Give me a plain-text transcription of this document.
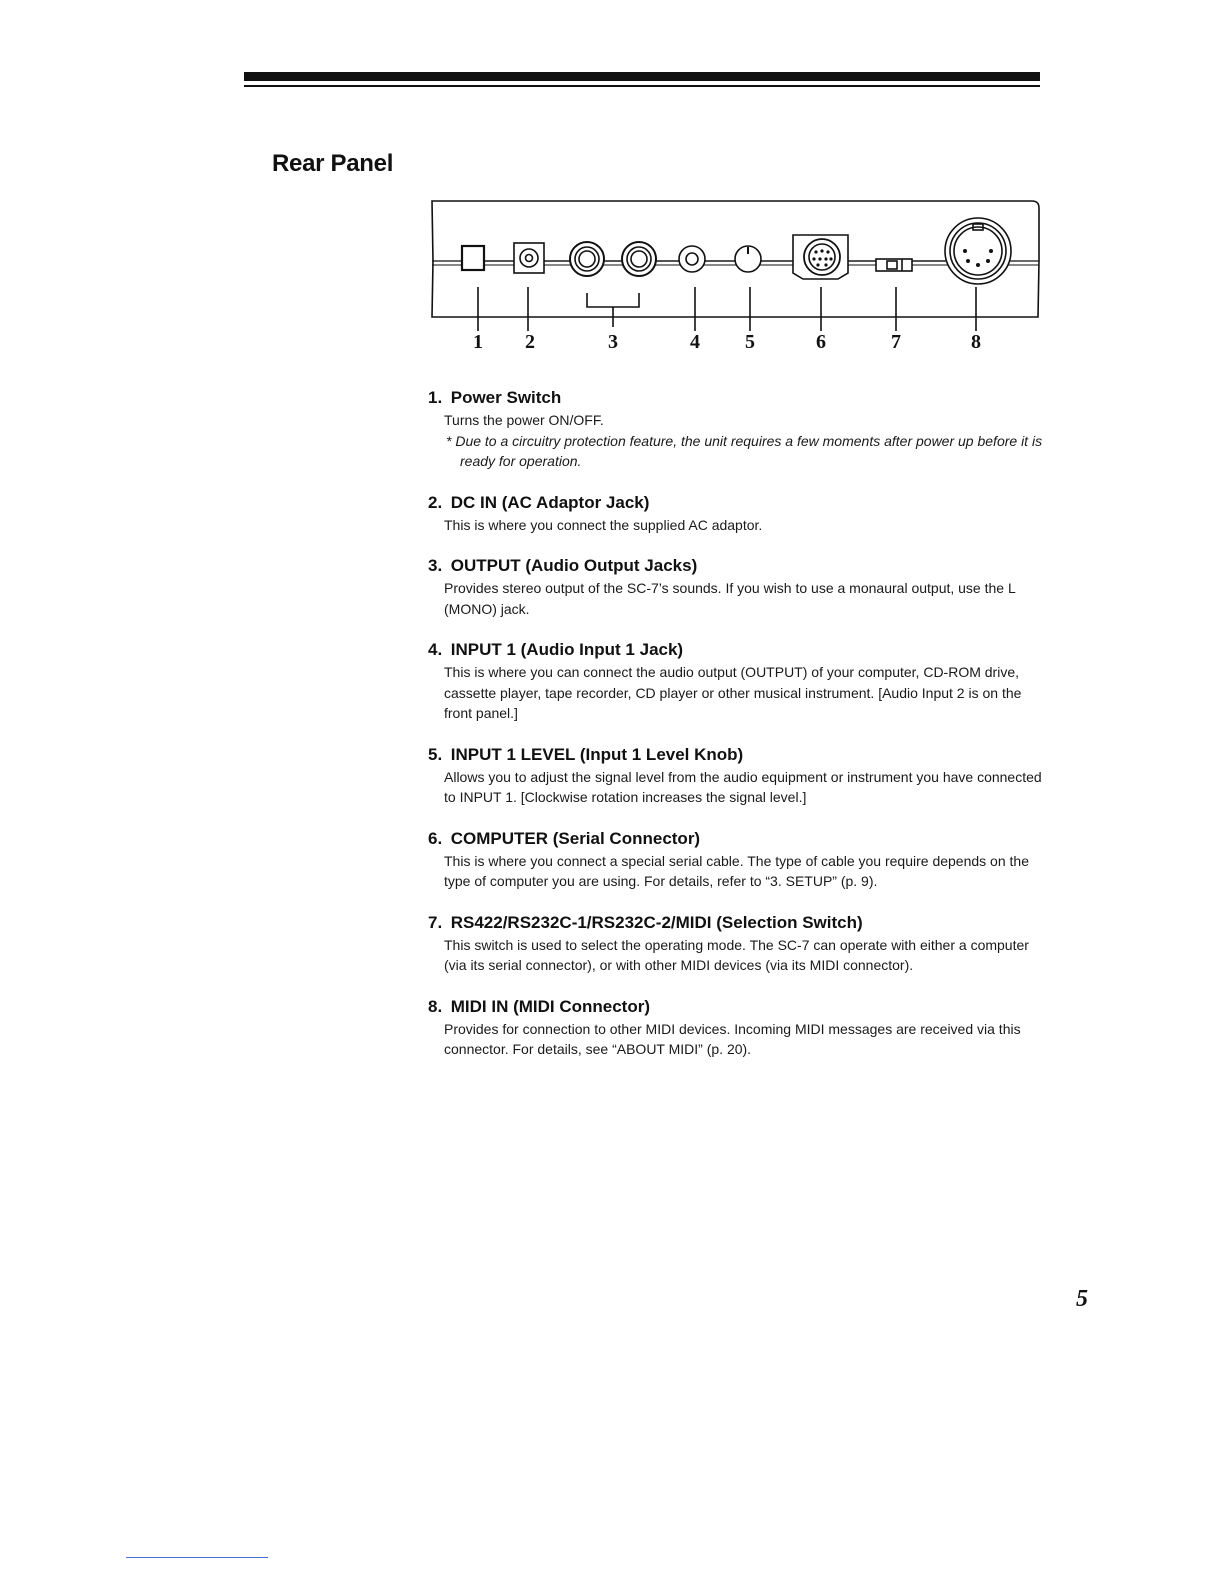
Rear Panel
1 2	3	4 5	6	7	8
1. Power Switch

Turns the power ON/OFF.

* Due to a circuitry protection feature, the unit requires a few moments after power up before it is ready for operation.

2. DC IN (AC Adaptor Jack)

This is where you connect the supplied AC adaptor.

3. OUTPUT (Audio Output Jacks)

Provides stereo output of the SC-7’s sounds. If you wish to use a monaural output, use the L (MONO) jack.

4. INPUT 1 (Audio Input 1 Jack)

This is where you can connect the audio output (OUTPUT) of your computer, CD-ROM drive, cassette player, tape recorder, CD player or other musical instrument. [Audio Input 2 is on the front panel.]

5. INPUT 1 LEVEL (Input 1 Level Knob)

Allows you to adjust the signal level from the audio equipment or instrument you have connected to INPUT 1. [Clockwise rotation increases the signal level.]

6. COMPUTER (Serial Connector)

This is where you connect a special serial cable. The type of cable you require depends on the type of computer you are using. For details, refer to “3. SETUP” (p. 9).

7. RS422/RS232C-1/RS232C-2/MIDI (Selection Switch)

This switch is used to select the operating mode. The SC-7 can operate with either a computer (via its serial connector), or with other MIDI devices (via its MIDI connector).

8. MIDI IN (MIDI Connector)

Provides for connection to other MIDI devices. Incoming MIDI messages are received via this connector. For details, see “ABOUT MIDI” (p. 20).

5
